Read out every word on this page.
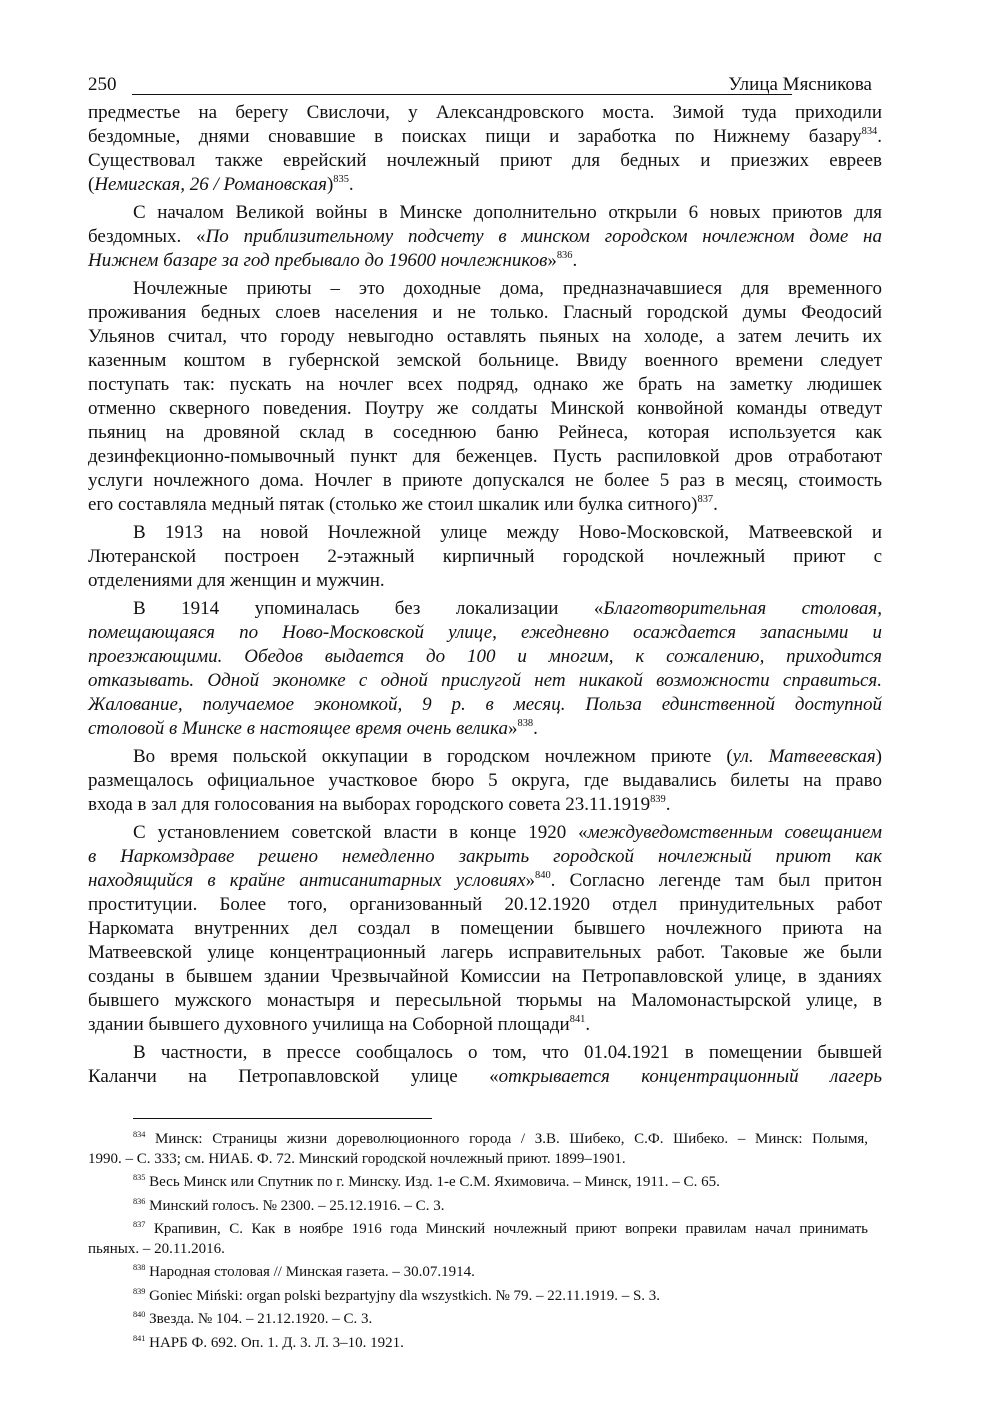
250	Улица Мясникова
предместье на берегу Свислочи, у Александровского моста. Зимой туда приходили
бездомные, днями сновавшие в поисках пищи и заработка по Нижнему базару$^{834}$.
Существовал также еврейский ночлежный приют для бедных и приезжих евреев
(Немигская, 26 / Романовская)$^{835}$.
С началом Великой войны в Минске дополнительно открыли 6 новых приютов для
бездомных. «По приблизительному подсчету в минском городском ночлежном доме на
Нижнем базаре за год пребывало до 19600 ночлежников»$^{836}$.
Ночлежные приюты – это доходные дома, предназначавшиеся для временного
проживания бедных слоев населения и не только. Гласный городской думы Феодосий
Ульянов считал, что городу невыгодно оставлять пьяных на холоде, а затем лечить их
казенным коштом в губернской земской больнице. Ввиду военного времени следует
поступать так: пускать на ночлег всех подряд, однако же брать на заметку людишек
отменно скверного поведения. Поутру же солдаты Минской конвойной команды отведут
пьяниц на дровяной склад в соседнюю баню Рейнеса, которая используется как
дезинфекционно-помывочный пункт для беженцев. Пусть распиловкой дров отработают
услуги ночлежного дома. Ночлег в приюте допускался не более 5 раз в месяц, стоимость
его составляла медный пятак (столько же стоил шкалик или булка ситного)$^{837}$.
В 1913 на новой Ночлежной улице между Ново-Московской, Матвеевской и
Лютеранской построен 2-этажный кирпичный городской ночлежный приют с
отделениями для женщин и мужчин.
В 1914 упоминалась без локализации «Благотворительная столовая,
помещающаяся по Ново-Московской улице, ежедневно осаждается запасными и
проезжающими. Обедов выдается до 100 и многим, к сожалению, приходится
отказывать. Одной экономке с одной прислугой нет никакой возможности справиться.
Жалование, получаемое экономкой, 9 р. в месяц. Польза единственной доступной
столовой в Минске в настоящее время очень велика»$^{838}$.
Во время польской оккупации в городском ночлежном приюте (ул. Матвеевская)
размещалось официальное участковое бюро 5 округа, где выдавались билеты на право
входа в зал для голосования на выборах городского совета 23.11.1919$^{839}$.
С установлением советской власти в конце 1920 «междуведомственным совещанием
в Наркомздраве решено немедленно закрыть городской ночлежный приют как
находящийся в крайне антисанитарных условиях»$^{840}$. Согласно легенде там был притон
проституции. Более того, организованный 20.12.1920 отдел принудительных работ
Наркомата внутренних дел создал в помещении бывшего ночлежного приюта на
Матвеевской улице концентрационный лагерь исправительных работ. Таковые же были
созданы в бывшем здании Чрезвычайной Комиссии на Петропавловской улице, в зданиях
бывшего мужского монастыря и пересыльной тюрьмы на Маломонастырской улице, в
здании бывшего духовного училища на Соборной площади$^{841}$.
В частности, в прессе сообщалось о том, что 01.04.1921 в помещении бывшей
Каланчи на Петропавловской улице «открывается концентрационный лагерь
$^{834}$ Минск: Страницы жизни дореволюционного города / З.В. Шибеко, С.Ф. Шибеко. – Минск: Полымя,
1990. – С. 333; см. НИАБ. Ф. 72. Минский городской ночлежный приют. 1899–1901.
$^{835}$ Весь Минск или Спутник по г. Минску. Изд. 1-е С.М. Яхимовича. – Минск, 1911. – С. 65.
$^{836}$ Минский голосъ. № 2300. – 25.12.1916. – С. 3.
$^{837}$ Крапивин, С. Как в ноябре 1916 года Минский ночлежный приют вопреки правилам начал принимать
пьяных. – 20.11.2016.
$^{838}$ Народная столовая // Минская газета. – 30.07.1914.
$^{839}$ Goniec Miński: organ polski bezpartyjny dla wszystkich. № 79. – 22.11.1919. – S. 3.
$^{840}$ Звезда. № 104. – 21.12.1920. – С. 3.
$^{841}$ НАРБ Ф. 692. Оп. 1. Д. 3. Л. 3–10. 1921.
